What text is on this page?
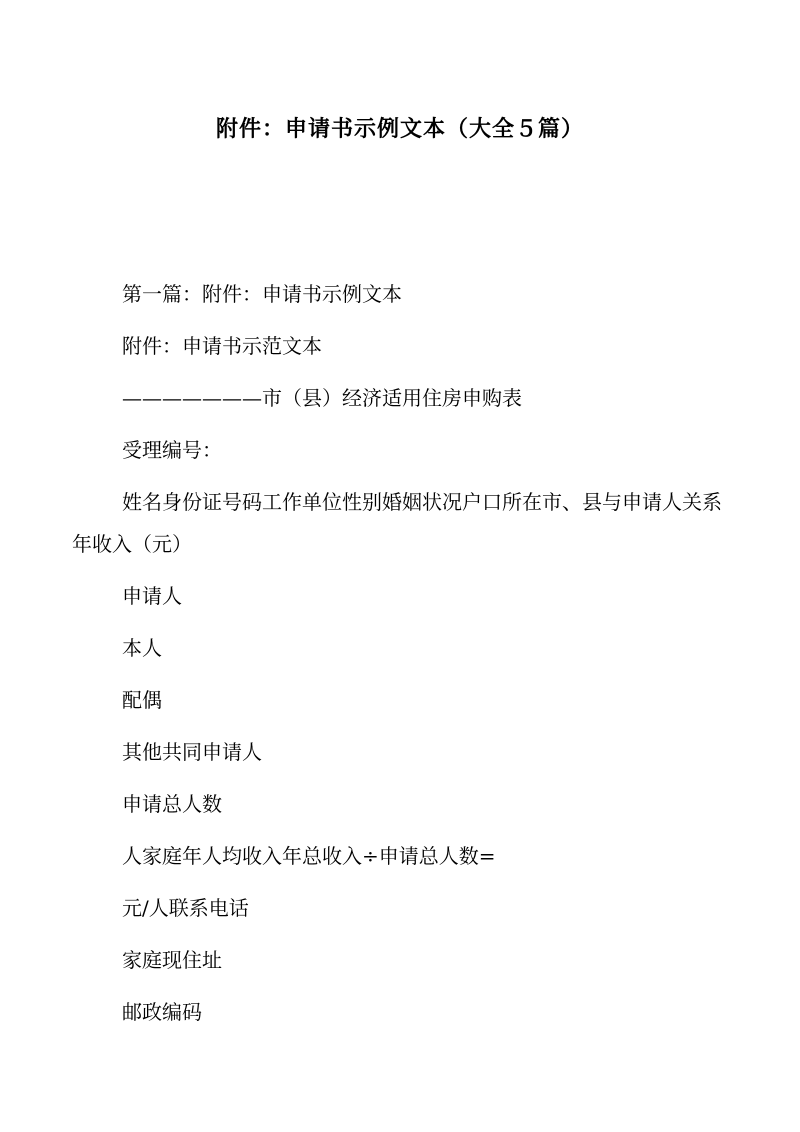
附件：申请书示例文本（大全５篇）

第一篇：附件：申请书示例文本

附件：申请书示范文本

———————市（县）经济适用住房申购表

受理编号：

姓名身份证号码工作单位性别婚姻状况户口所在市、县与申请人关系年收入（元）

申请人

本人

配偶

其他共同申请人

申请总人数

人家庭年人均收入年总收入÷申请总人数=

元/人联系电话

家庭现住址

邮政编码
